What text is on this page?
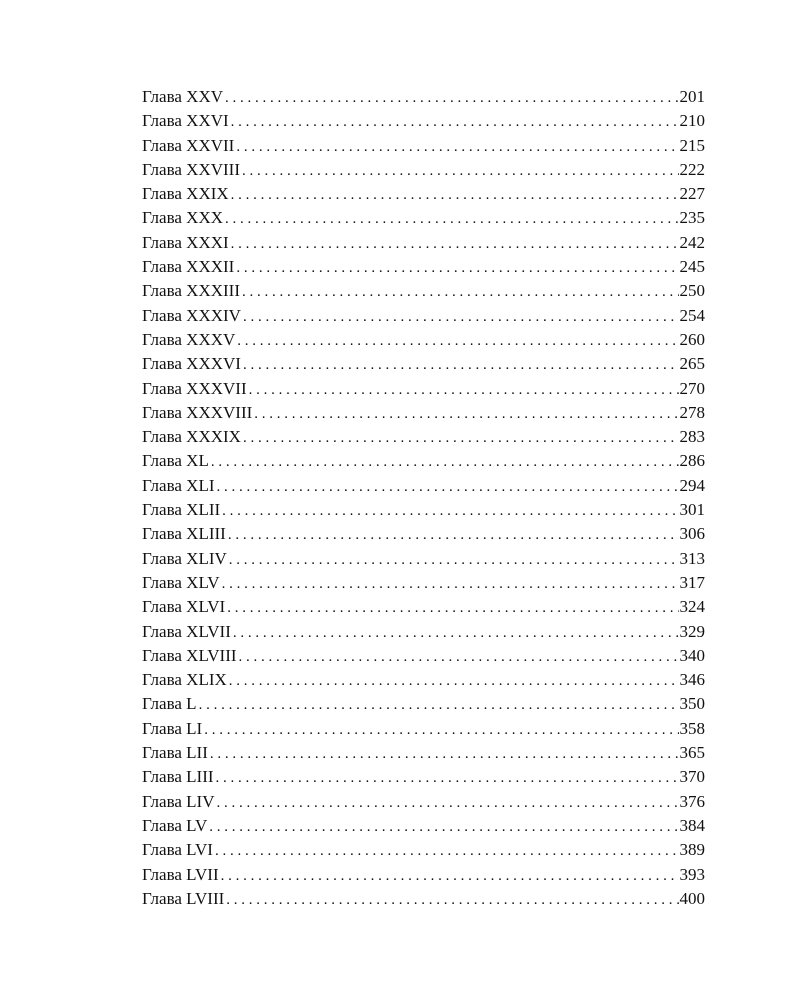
Глава XXV . . .	201
Глава XXVI . . .	210
Глава XXVII . . .	215
Глава XXVIII . . .	222
Глава XXIX . . .	227
Глава XXX . . .	235
Глава XXXI . . .	242
Глава XXXII . . .	245
Глава XXXIII . . .	250
Глава XXXIV . . .	254
Глава XXXV . . .	260
Глава XXXVI . . .	265
Глава XXXVII . . .	270
Глава XXXVIII . . .	278
Глава XXXIX . . .	283
Глава XL . . .	286
Глава XLI . . .	294
Глава XLII . . .	301
Глава XLIII . . .	306
Глава XLIV . . .	313
Глава XLV . . .	317
Глава XLVI . . .	324
Глава XLVII . . .	329
Глава XLVIII . . .	340
Глава XLIX . . .	346
Глава L . . .	350
Глава LI . . .	358
Глава LII . . .	365
Глава LIII . . .	370
Глава LIV . . .	376
Глава LV . . .	384
Глава LVI . . .	389
Глава LVII . . .	393
Глава LVIII . . .	400
